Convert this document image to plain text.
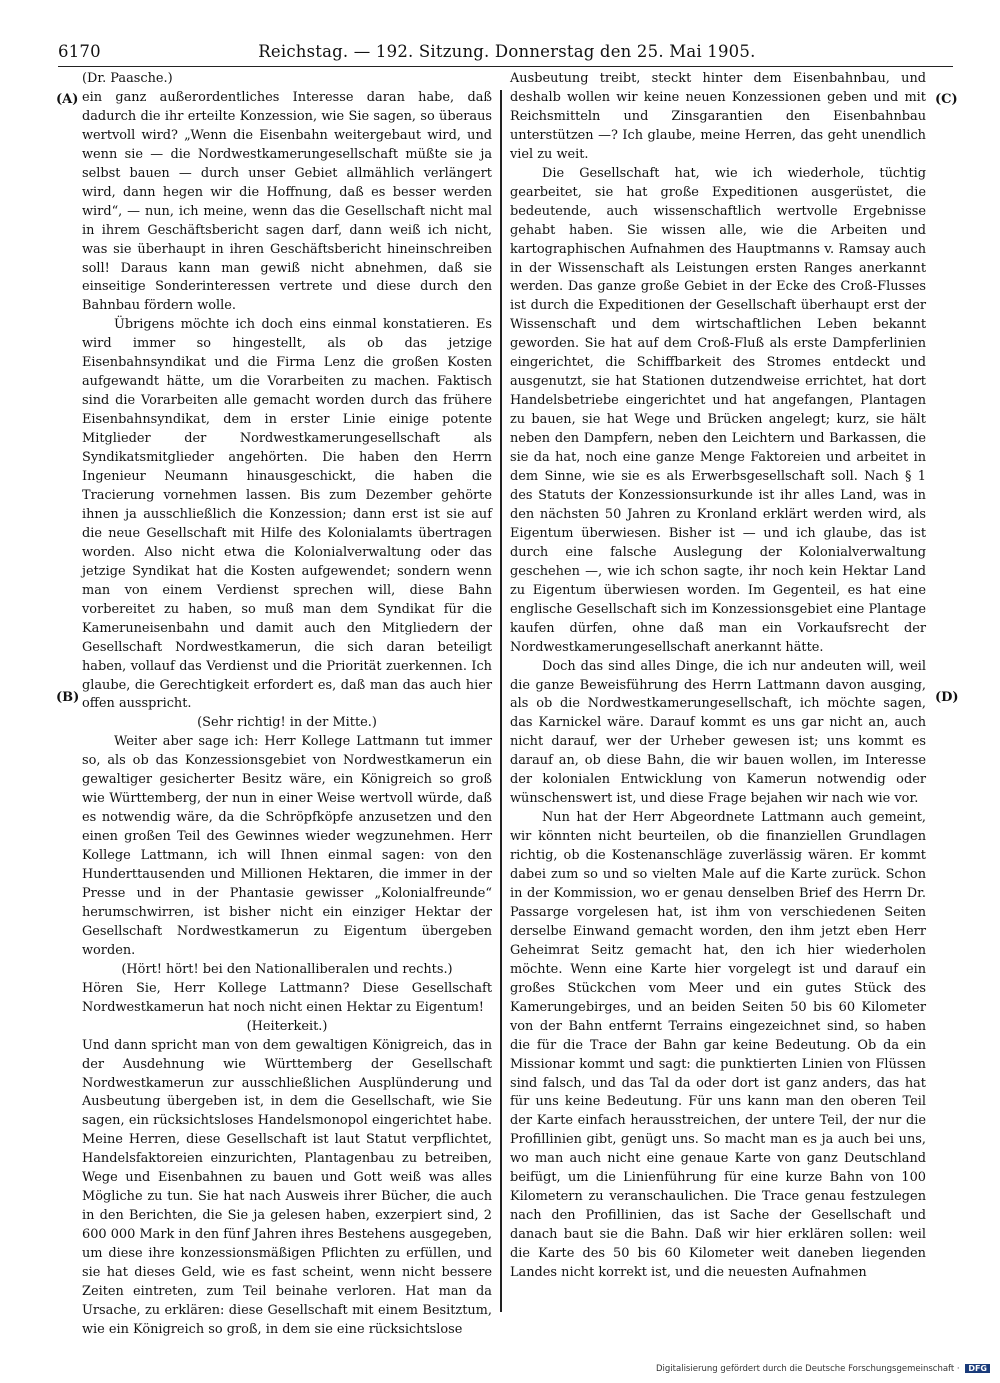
6170	Reichstag. — 192. Sitzung. Donnerstag den 25. Mai 1905.
(A)
(B)
(C)
(D)

(Dr. Paasche.)

ein ganz außerordentliches Interesse daran habe, daß dadurch die ihr erteilte Konzession, wie Sie sagen, so überaus wertvoll wird? „Wenn die Eisenbahn weitergebaut wird, und wenn sie — die Nordwestkamerungesellschaft müßte sie ja selbst bauen — durch unser Gebiet allmählich verlängert wird, dann hegen wir die Hoffnung, daß es besser werden wird“, — nun, ich meine, wenn das die Gesellschaft nicht mal in ihrem Geschäftsbericht sagen darf, dann weiß ich nicht, was sie überhaupt in ihren Geschäftsbericht hineinschreiben soll! Daraus kann man gewiß nicht abnehmen, daß sie einseitige Sonderinteressen vertrete und diese durch den Bahnbau fördern wolle.

Übrigens möchte ich doch eins einmal konstatieren. Es wird immer so hingestellt, als ob das jetzige Eisenbahnsyndikat und die Firma Lenz die großen Kosten aufgewandt hätte, um die Vorarbeiten zu machen. Faktisch sind die Vorarbeiten alle gemacht worden durch das frühere Eisenbahnsyndikat, dem in erster Linie einige potente Mitglieder der Nordwestkamerungesellschaft als Syndikatsmitglieder angehörten. Die haben den Herrn Ingenieur Neumann hinausgeschickt, die haben die Tracierung vornehmen lassen. Bis zum Dezember gehörte ihnen ja ausschließlich die Konzession; dann erst ist sie auf die neue Gesellschaft mit Hilfe des Kolonialamts übertragen worden. Also nicht etwa die Kolonialverwaltung oder das jetzige Syndikat hat die Kosten aufgewendet; sondern wenn man von einem Verdienst sprechen will, diese Bahn vorbereitet zu haben, so muß man dem Syndikat für die Kameruneisenbahn und damit auch den Mitgliedern der Gesellschaft Nordwestkamerun, die sich daran beteiligt haben, vollauf das Verdienst und die Priorität zuerkennen. Ich glaube, die Gerechtigkeit erfordert es, daß man das auch hier offen ausspricht.

(Sehr richtig! in der Mitte.)

Weiter aber sage ich: Herr Kollege Lattmann tut immer so, als ob das Konzessionsgebiet von Nordwestkamerun ein gewaltiger gesicherter Besitz wäre, ein Königreich so groß wie Württemberg, der nun in einer Weise wertvoll würde, daß es notwendig wäre, da die Schröpfköpfe anzusetzen und den einen großen Teil des Gewinnes wieder wegzunehmen. Herr Kollege Lattmann, ich will Ihnen einmal sagen: von den Hunderttausenden und Millionen Hektaren, die immer in der Presse und in der Phantasie gewisser „Kolonialfreunde“ herumschwirren, ist bisher nicht ein einziger Hektar der Gesellschaft Nordwestkamerun zu Eigentum übergeben worden.

(Hört! hört! bei den Nationalliberalen und rechts.)

Hören Sie, Herr Kollege Lattmann? Diese Gesellschaft Nordwestkamerun hat noch nicht einen Hektar zu Eigentum!

(Heiterkeit.)

Und dann spricht man von dem gewaltigen Königreich, das in der Ausdehnung wie Württemberg der Gesellschaft Nordwestkamerun zur ausschließlichen Ausplünderung und Ausbeutung übergeben ist, in dem die Gesellschaft, wie Sie sagen, ein rücksichtsloses Handelsmonopol eingerichtet habe. Meine Herren, diese Gesellschaft ist laut Statut verpflichtet, Handelsfaktoreien einzurichten, Plantagenbau zu betreiben, Wege und Eisenbahnen zu bauen und Gott weiß was alles Mögliche zu tun. Sie hat nach Ausweis ihrer Bücher, die auch in den Berichten, die Sie ja gelesen haben, exzerpiert sind, 2 600 000 Mark in den fünf Jahren ihres Bestehens ausgegeben, um diese ihre konzessionsmäßigen Pflichten zu erfüllen, und sie hat dieses Geld, wie es fast scheint, wenn nicht bessere Zeiten eintreten, zum Teil beinahe verloren. Hat man da Ursache, zu erklären: diese Gesellschaft mit einem Besitztum, wie ein Königreich so groß, in dem sie eine rücksichtslose

Ausbeutung treibt, steckt hinter dem Eisenbahnbau, und deshalb wollen wir keine neuen Konzessionen geben und mit Reichsmitteln und Zinsgarantien den Eisenbahnbau unterstützen —? Ich glaube, meine Herren, das geht unendlich viel zu weit.

Die Gesellschaft hat, wie ich wiederhole, tüchtig gearbeitet, sie hat große Expeditionen ausgerüstet, die bedeutende, auch wissenschaftlich wertvolle Ergebnisse gehabt haben. Sie wissen alle, wie die Arbeiten und kartographischen Aufnahmen des Hauptmanns v. Ramsay auch in der Wissenschaft als Leistungen ersten Ranges anerkannt werden. Das ganze große Gebiet in der Ecke des Croß-Flusses ist durch die Expeditionen der Gesellschaft überhaupt erst der Wissenschaft und dem wirtschaftlichen Leben bekannt geworden. Sie hat auf dem Croß-Fluß als erste Dampferlinien eingerichtet, die Schiffbarkeit des Stromes entdeckt und ausgenutzt, sie hat Stationen dutzendweise errichtet, hat dort Handelsbetriebe eingerichtet und hat angefangen, Plantagen zu bauen, sie hat Wege und Brücken angelegt; kurz, sie hält neben den Dampfern, neben den Leichtern und Barkassen, die sie da hat, noch eine ganze Menge Faktoreien und arbeitet in dem Sinne, wie sie es als Erwerbsgesellschaft soll. Nach § 1 des Statuts der Konzessionsurkunde ist ihr alles Land, was in den nächsten 50 Jahren zu Kronland erklärt werden wird, als Eigentum überwiesen. Bisher ist — und ich glaube, das ist durch eine falsche Auslegung der Kolonialverwaltung geschehen —, wie ich schon sagte, ihr noch kein Hektar Land zu Eigentum überwiesen worden. Im Gegenteil, es hat eine englische Gesellschaft sich im Konzessionsgebiet eine Plantage kaufen dürfen, ohne daß man ein Vorkaufsrecht der Nordwestkamerungesellschaft anerkannt hätte.

Doch das sind alles Dinge, die ich nur andeuten will, weil die ganze Beweisführung des Herrn Lattmann davon ausging, als ob die Nordwestkamerungesellschaft, ich möchte sagen, das Karnickel wäre. Darauf kommt es uns gar nicht an, auch nicht darauf, wer der Urheber gewesen ist; uns kommt es darauf an, ob diese Bahn, die wir bauen wollen, im Interesse der kolonialen Entwicklung von Kamerun notwendig oder wünschenswert ist, und diese Frage bejahen wir nach wie vor.

Nun hat der Herr Abgeordnete Lattmann auch gemeint, wir könnten nicht beurteilen, ob die finanziellen Grundlagen richtig, ob die Kostenanschläge zuverlässig wären. Er kommt dabei zum so und so vielten Male auf die Karte zurück. Schon in der Kommission, wo er genau denselben Brief des Herrn Dr. Passarge vorgelesen hat, ist ihm von verschiedenen Seiten derselbe Einwand gemacht worden, den ihm jetzt eben Herr Geheimrat Seitz gemacht hat, den ich hier wiederholen möchte. Wenn eine Karte hier vorgelegt ist und darauf ein großes Stückchen vom Meer und ein gutes Stück des Kamerungebirges, und an beiden Seiten 50 bis 60 Kilometer von der Bahn entfernt Terrains eingezeichnet sind, so haben die für die Trace der Bahn gar keine Bedeutung. Ob da ein Missionar kommt und sagt: die punktierten Linien von Flüssen sind falsch, und das Tal da oder dort ist ganz anders, das hat für uns keine Bedeutung. Für uns kann man den oberen Teil der Karte einfach herausstreichen, der untere Teil, der nur die Profillinien gibt, genügt uns. So macht man es ja auch bei uns, wo man auch nicht eine genaue Karte von ganz Deutschland beifügt, um die Linienführung für eine kurze Bahn von 100 Kilometern zu veranschaulichen. Die Trace genau festzulegen nach den Profillinien, das ist Sache der Gesellschaft und danach baut sie die Bahn. Daß wir hier erklären sollen: weil die Karte des 50 bis 60 Kilometer weit daneben liegenden Landes nicht korrekt ist, und die neuesten Aufnahmen

Digitalisierung gefördert durch die Deutsche Forschungsgemeinschaft · DFG
